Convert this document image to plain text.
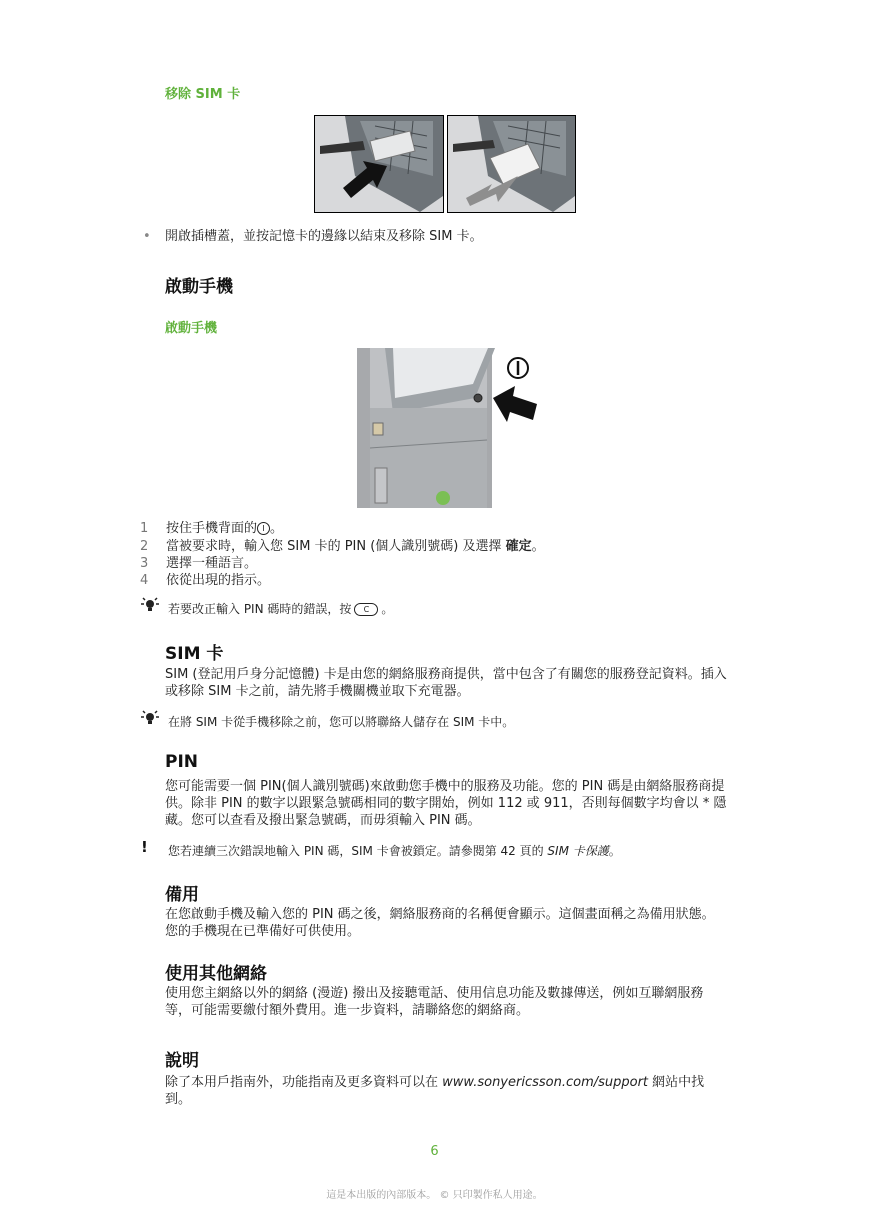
移除 SIM 卡
• 開啟插槽蓋，並按記憶卡的邊緣以結束及移除 SIM 卡。
啟動手機
啟動手機
1 按住手機背面的 I 。
2 當被要求時，輸入您 SIM 卡的 PIN (個人識別號碼) 及選擇 確定。
3 選擇一種語言。
4 依從出現的指示。
若要改正輸入 PIN 碼時的錯誤，按 C 。
SIM 卡
SIM (登記用戶身分記憶體) 卡是由您的網絡服務商提供，當中包含了有關您的服務登記資料。插入或移除 SIM 卡之前，請先將手機關機並取下充電器。
在將 SIM 卡從手機移除之前，您可以將聯絡人儲存在 SIM 卡中。
PIN
您可能需要一個 PIN(個人識別號碼)來啟動您手機中的服務及功能。您的 PIN 碼是由網絡服務商提供。除非 PIN 的數字以跟緊急號碼相同的數字開始，例如 112 或 911，否則每個數字均會以 * 隱藏。您可以查看及撥出緊急號碼，而毋須輸入 PIN 碼。
! 您若連續三次錯誤地輸入 PIN 碼，SIM 卡會被鎖定。請參閱第 42 頁的 SIM 卡保護。
備用
在您啟動手機及輸入您的 PIN 碼之後，網絡服務商的名稱便會顯示。這個畫面稱之為備用狀態。您的手機現在已準備好可供使用。
使用其他網絡
使用您主網絡以外的網絡 (漫遊) 撥出及接聽電話、使用信息功能及數據傳送，例如互聯網服務等，可能需要繳付額外費用。進一步資料，請聯絡您的網絡商。
說明
除了本用戶指南外，功能指南及更多資料可以在 www.sonyericsson.com/support 網站中找到。
6
這是本出版的內部版本。 © 只印製作私人用途。
